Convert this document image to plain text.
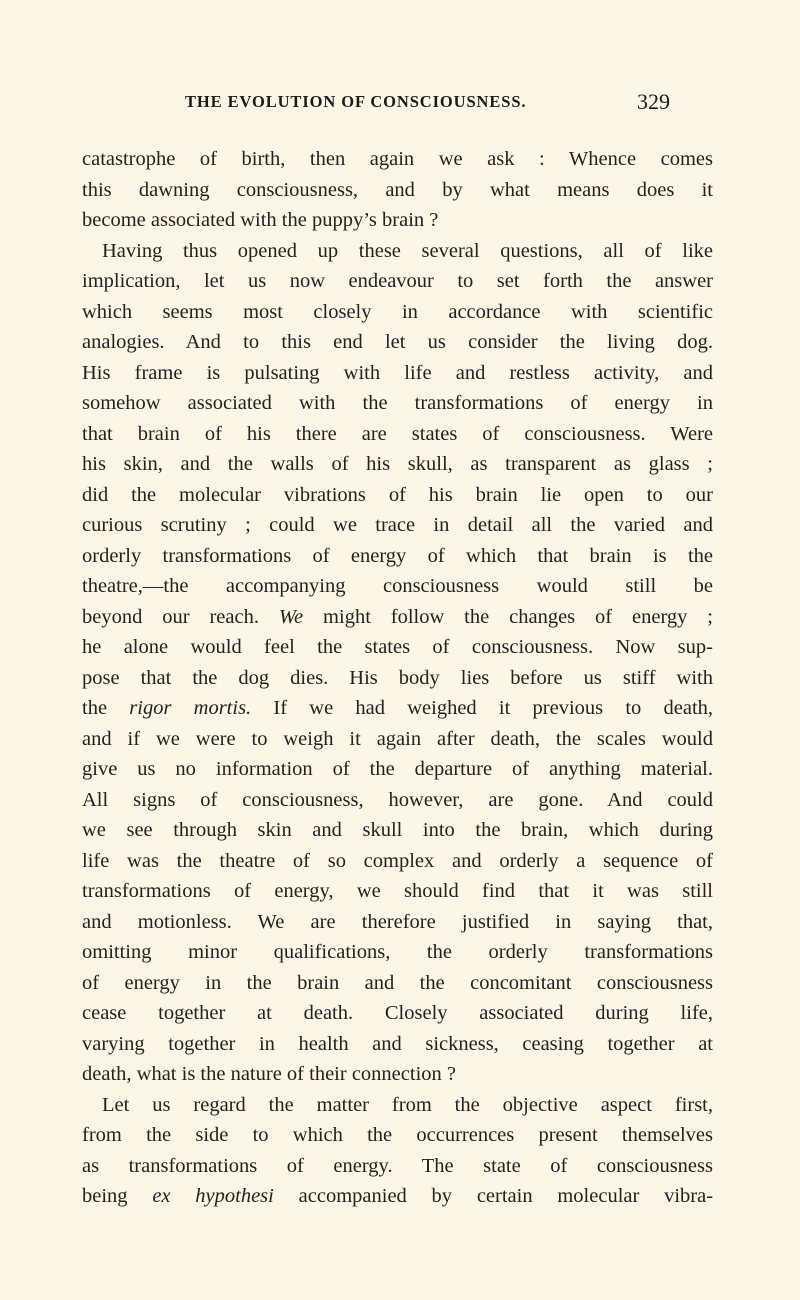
THE EVOLUTION OF CONSCIOUSNESS.	329
catastrophe of birth, then again we ask : Whence comes
this dawning consciousness, and by what means does it
become associated with the puppy’s brain ?
Having thus opened up these several questions, all of like
implication, let us now endeavour to set forth the answer
which seems most closely in accordance with scientific
analogies. And to this end let us consider the living dog.
His frame is pulsating with life and restless activity, and
somehow associated with the transformations of energy in
that brain of his there are states of consciousness. Were
his skin, and the walls of his skull, as transparent as glass ;
did the molecular vibrations of his brain lie open to our
curious scrutiny ; could we trace in detail all the varied and
orderly transformations of energy of which that brain is the
theatre,—the accompanying consciousness would still be
beyond our reach. We might follow the changes of energy ;
he alone would feel the states of consciousness. Now sup-
pose that the dog dies. His body lies before us stiff with
the rigor mortis. If we had weighed it previous to death,
and if we were to weigh it again after death, the scales would
give us no information of the departure of anything material.
All signs of consciousness, however, are gone. And could
we see through skin and skull into the brain, which during
life was the theatre of so complex and orderly a sequence of
transformations of energy, we should find that it was still
and motionless. We are therefore justified in saying that,
omitting minor qualifications, the orderly transformations
of energy in the brain and the concomitant consciousness
cease together at death. Closely associated during life,
varying together in health and sickness, ceasing together at
death, what is the nature of their connection ?
Let us regard the matter from the objective aspect first,
from the side to which the occurrences present themselves
as transformations of energy. The state of consciousness
being ex hypothesi accompanied by certain molecular vibra-
